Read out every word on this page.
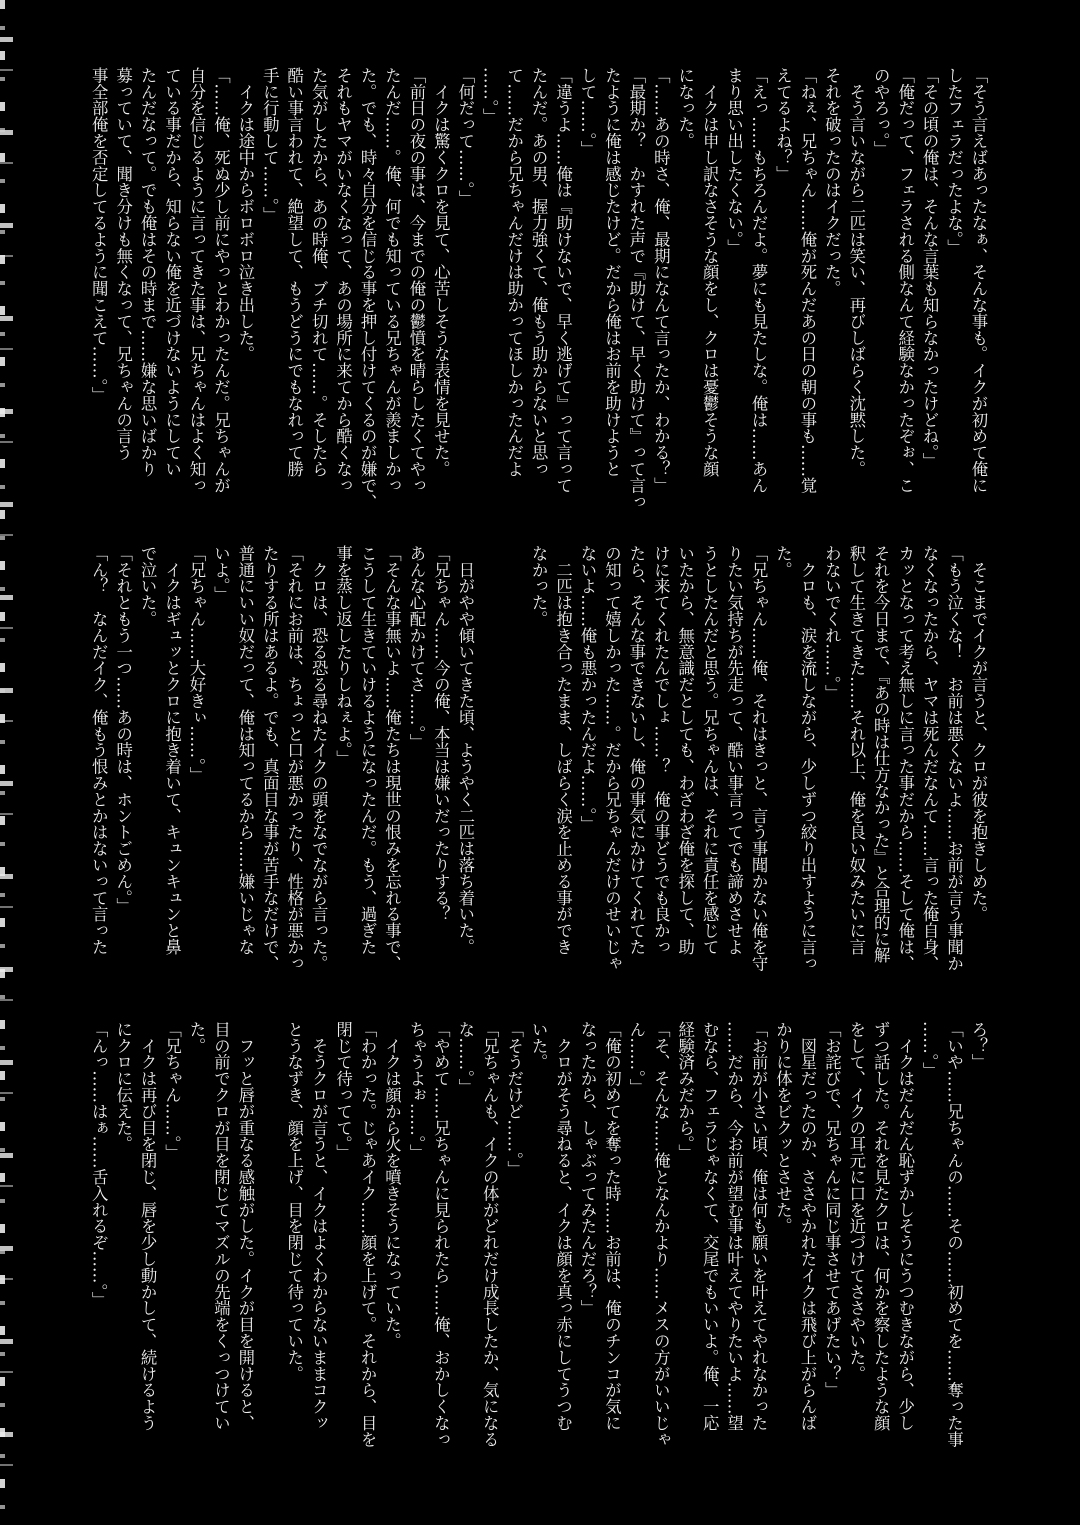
「そう言えばあったなぁ、そんな事も。イクが初めて俺に
したフェラだったよな。」
「その頃の俺は、そんな言葉も知らなかったけどね。」
「俺だって、フェラされる側なんて経験なかったぞぉ、こ
のやろっ。」
　そう言いながら二匹は笑い、再びしばらく沈黙した。
それを破ったのはイクだった。
「ねぇ、兄ちゃん……俺が死んだあの日の朝の事も……覚
えてるよね？」
「えっ……もちろんだよ。夢にも見たしな。俺は……あん
まり思い出したくない。」
　イクは申し訳なさそうな顔をし、クロは憂鬱そうな顔
になった。
「……あの時さ、俺、最期になんて言ったか、わかる？」
「最期か？　かすれた声で『助けて、早く助けて』って言っ
たように俺は感じたけど。だから俺はお前を助けようと
して……。」
「違うよ……俺は『助けないで、早く逃げて』って言って
たんだ。あの男、握力強くて、俺もう助からないと思っ
て……だから兄ちゃんだけは助かってほしかったんだよ
……。」
「何だって……。」
　イクは驚くクロを見て、心苦しそうな表情を見せた。
「前日の夜の事は、今までの俺の鬱憤を晴らしたくてやっ
たんだ……。俺、何でも知っている兄ちゃんが羨ましかっ
た。でも、時々自分を信じる事を押し付けてくるのが嫌で、
それもヤマがいなくなって、あの場所に来てから酷くなっ
た気がしたから、あの時俺、ブチ切れて……。そしたら
酷い事言われて、絶望して、もうどうにでもなれって勝
手に行動して……。」
　イクは途中からボロボロ泣き出した。
「……俺、死ぬ少し前にやっとわかったんだ。兄ちゃんが
自分を信じるように言ってきた事は、兄ちゃんはよく知っ
ている事だから、知らない俺を近づけないようにしてい
たんだなって。でも俺はその時まで……嫌な思いばかり
募っていて、聞き分けも無くなって、兄ちゃんの言う
事全部俺を否定してるように聞こえて……。」
　そこまでイクが言うと、クロが彼を抱きしめた。
「もう泣くな！　お前は悪くないよ……お前が言う事聞か
なくなったから、ヤマは死んだなんて……言った俺自身、
カッとなって考え無しに言った事だから……そして俺は、
それを今日まで、『あの時は仕方なかった』と合理的に解
釈して生きてきた……それ以上、俺を良い奴みたいに言
わないでくれ……。」
　クロも、涙を流しながら、少しずつ絞り出すように言っ
た。
「兄ちゃん……俺、それはきっと、言う事聞かない俺を守
りたい気持ちが先走って、酷い事言ってでも諦めさせよ
うとしたんだと思う。兄ちゃんは、それに責任を感じて
いたから、無意識だとしても、わざわざ俺を探して、助
けに来てくれたんでしょ……？　俺の事どうでも良かっ
たら、そんな事できないし、俺の事気にかけてくれてた
の知って嬉しかった……。だから兄ちゃんだけのせいじゃ
ないよ……俺も悪かったんだよ……。」
　二匹は抱き合ったまま、しばらく涙を止める事ができ
なかった。
　日がやや傾いてきた頃、ようやく二匹は落ち着いた。
「兄ちゃん……今の俺、本当は嫌いだったりする？
あんな心配かけてさ……。」
「そんな事無いよ……俺たちは現世の恨みを忘れる事で、
こうして生きていけるようになったんだ。もう、過ぎた
事を蒸し返したりしねぇよ。」
　クロは、恐る恐る尋ねたイクの頭をなでながら言った。
「それにお前は、ちょっと口が悪かったり、性格が悪かっ
たりする所はあるよ。でも、真面目な事が苦手なだけで、
普通にいい奴だって、俺は知ってるから……嫌いじゃな
いよ。」
「兄ちゃん……大好きぃ……。」
　イクはギュッとクロに抱き着いて、キュンキュンと鼻
で泣いた。
「それともう一つ……あの時は、ホントごめん。」
「ん？　なんだイク、俺もう恨みとかはないって言った
ろ？」
「いや……兄ちゃんの……その……初めてを……奪った事
……。」
　イクはだんだん恥ずかしそうにうつむきながら、少し
ずつ話した。それを見たクロは、何かを察したような顔
をして、イクの耳元に口を近づけてささやいた。
「お詫びで、兄ちゃんに同じ事させてあげたい？」
　図星だったのか、ささやかれたイクは飛び上がらんば
かりに体をビクッとさせた。
「お前が小さい頃、俺は何も願いを叶えてやれなかった
……だから、今お前が望む事は叶えてやりたいよ……望
むなら、フェラじゃなくて、交尾でもいいよ。俺、一応
経験済みだから。」
「そ、そんな……俺となんかより……メスの方がいいじゃ
ん……。」
「俺の初めてを奪った時……お前は、俺のチンコが気に
なったから、しゃぶってみたんだろ？」
　クロがそう尋ねると、イクは顔を真っ赤にしてうつむ
いた。
「そうだけど……。」
「兄ちゃんも、イクの体がどれだけ成長したか、気になる
な……。」
「やめて……兄ちゃんに見られたら……俺、おかしくなっ
ちゃうよぉ……。」
　イクは顔から火を噴きそうになっていた。
「わかった。じゃあイク……顔を上げて。それから、目を
閉じて待ってて。」
　そうクロが言うと、イクはよくわからないままコクッ
とうなずき、顔を上げ、目を閉じて待っていた。
　フッと唇が重なる感触がした。イクが目を開けると、
目の前でクロが目を閉じてマズルの先端をくっつけてい
た。
「兄ちゃん……。」
　イクは再び目を閉じ、唇を少し動かして、続けるよう
にクロに伝えた。
「んっ……はぁ……舌入れるぞ……。」
